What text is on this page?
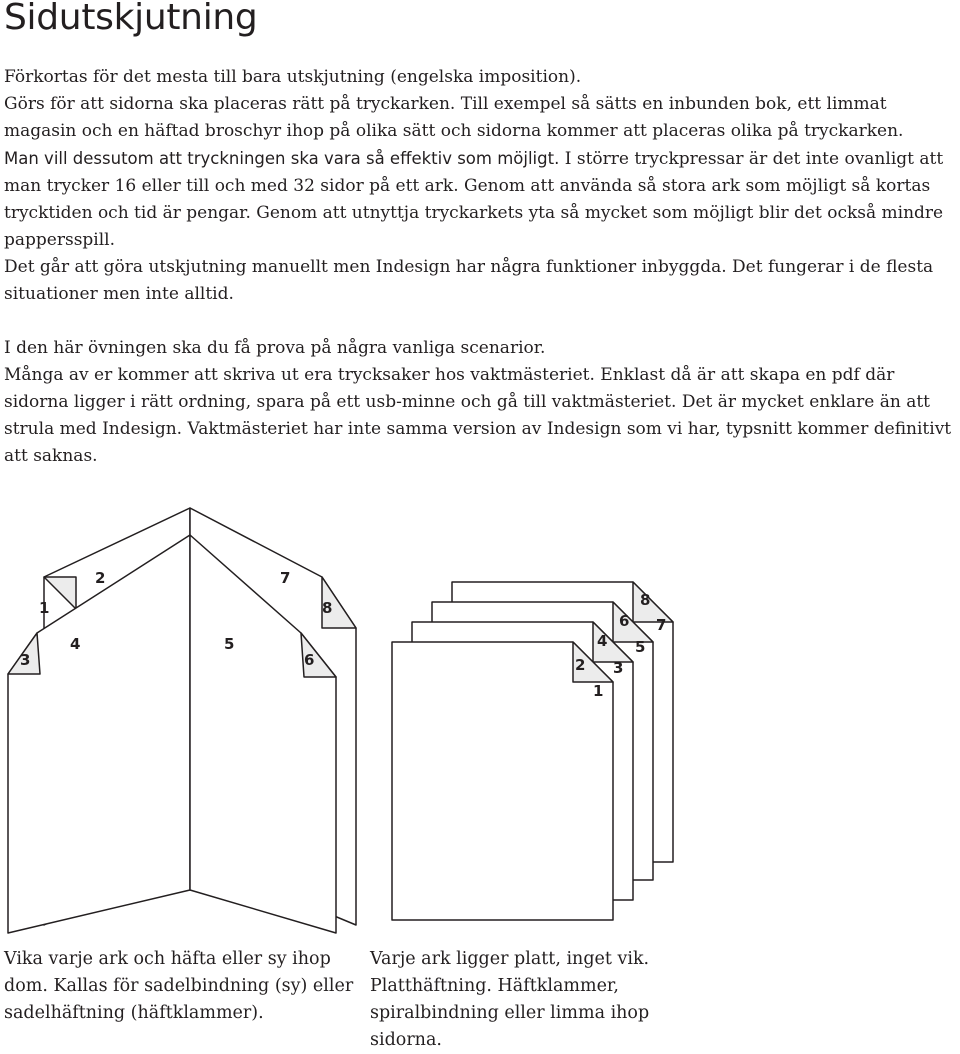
Sidutskjutning

Förkortas för det mesta till bara utskjutning (engelska imposition).

Görs för att sidorna ska placeras rätt på tryckarken. Till exempel så sätts en inbunden bok, ett limmat magasin och en häftad broschyr ihop på olika sätt och sidorna kommer att placeras olika på tryckarken.

Man vill dessutom att tryckningen ska vara så effektiv som möjligt. I större tryckpressar är det inte ovanligt att man trycker 16 eller till och med 32 sidor på ett ark. Genom att använda så stora ark som möjligt så kortas trycktiden och tid är pengar. Genom att utnyttja tryckarkets yta så mycket som möjligt blir det också mindre pappersspill.

Det går att göra utskjutning manuellt men Indesign har några funktioner inbyggda. Det fungerar i de flesta situationer men inte alltid.

I den här övningen ska du få prova på några vanliga scenarior.

Många av er kommer att skriva ut era trycksaker hos vaktmästeriet. Enklast då är att skapa en pdf där sidorna ligger i rätt ordning, spara på ett usb-minne och gå till vaktmästeriet. Det är mycket enklare än att strula med Indesign. Vaktmästeriet har inte samma version av Indesign som vi har, typsnitt kommer definitivt att saknas.

1
2
3
4	5
6
7
8
1
2 3
4 5
6 7
8

Vika varje ark och häfta eller sy ihop dom. Kallas för sadelbindning (sy) eller sadelhäftning (häftklammer).

Varje ark ligger platt, inget vik. Platthäftning. Häftklammer, spiralbindning eller limma ihop sidorna.
